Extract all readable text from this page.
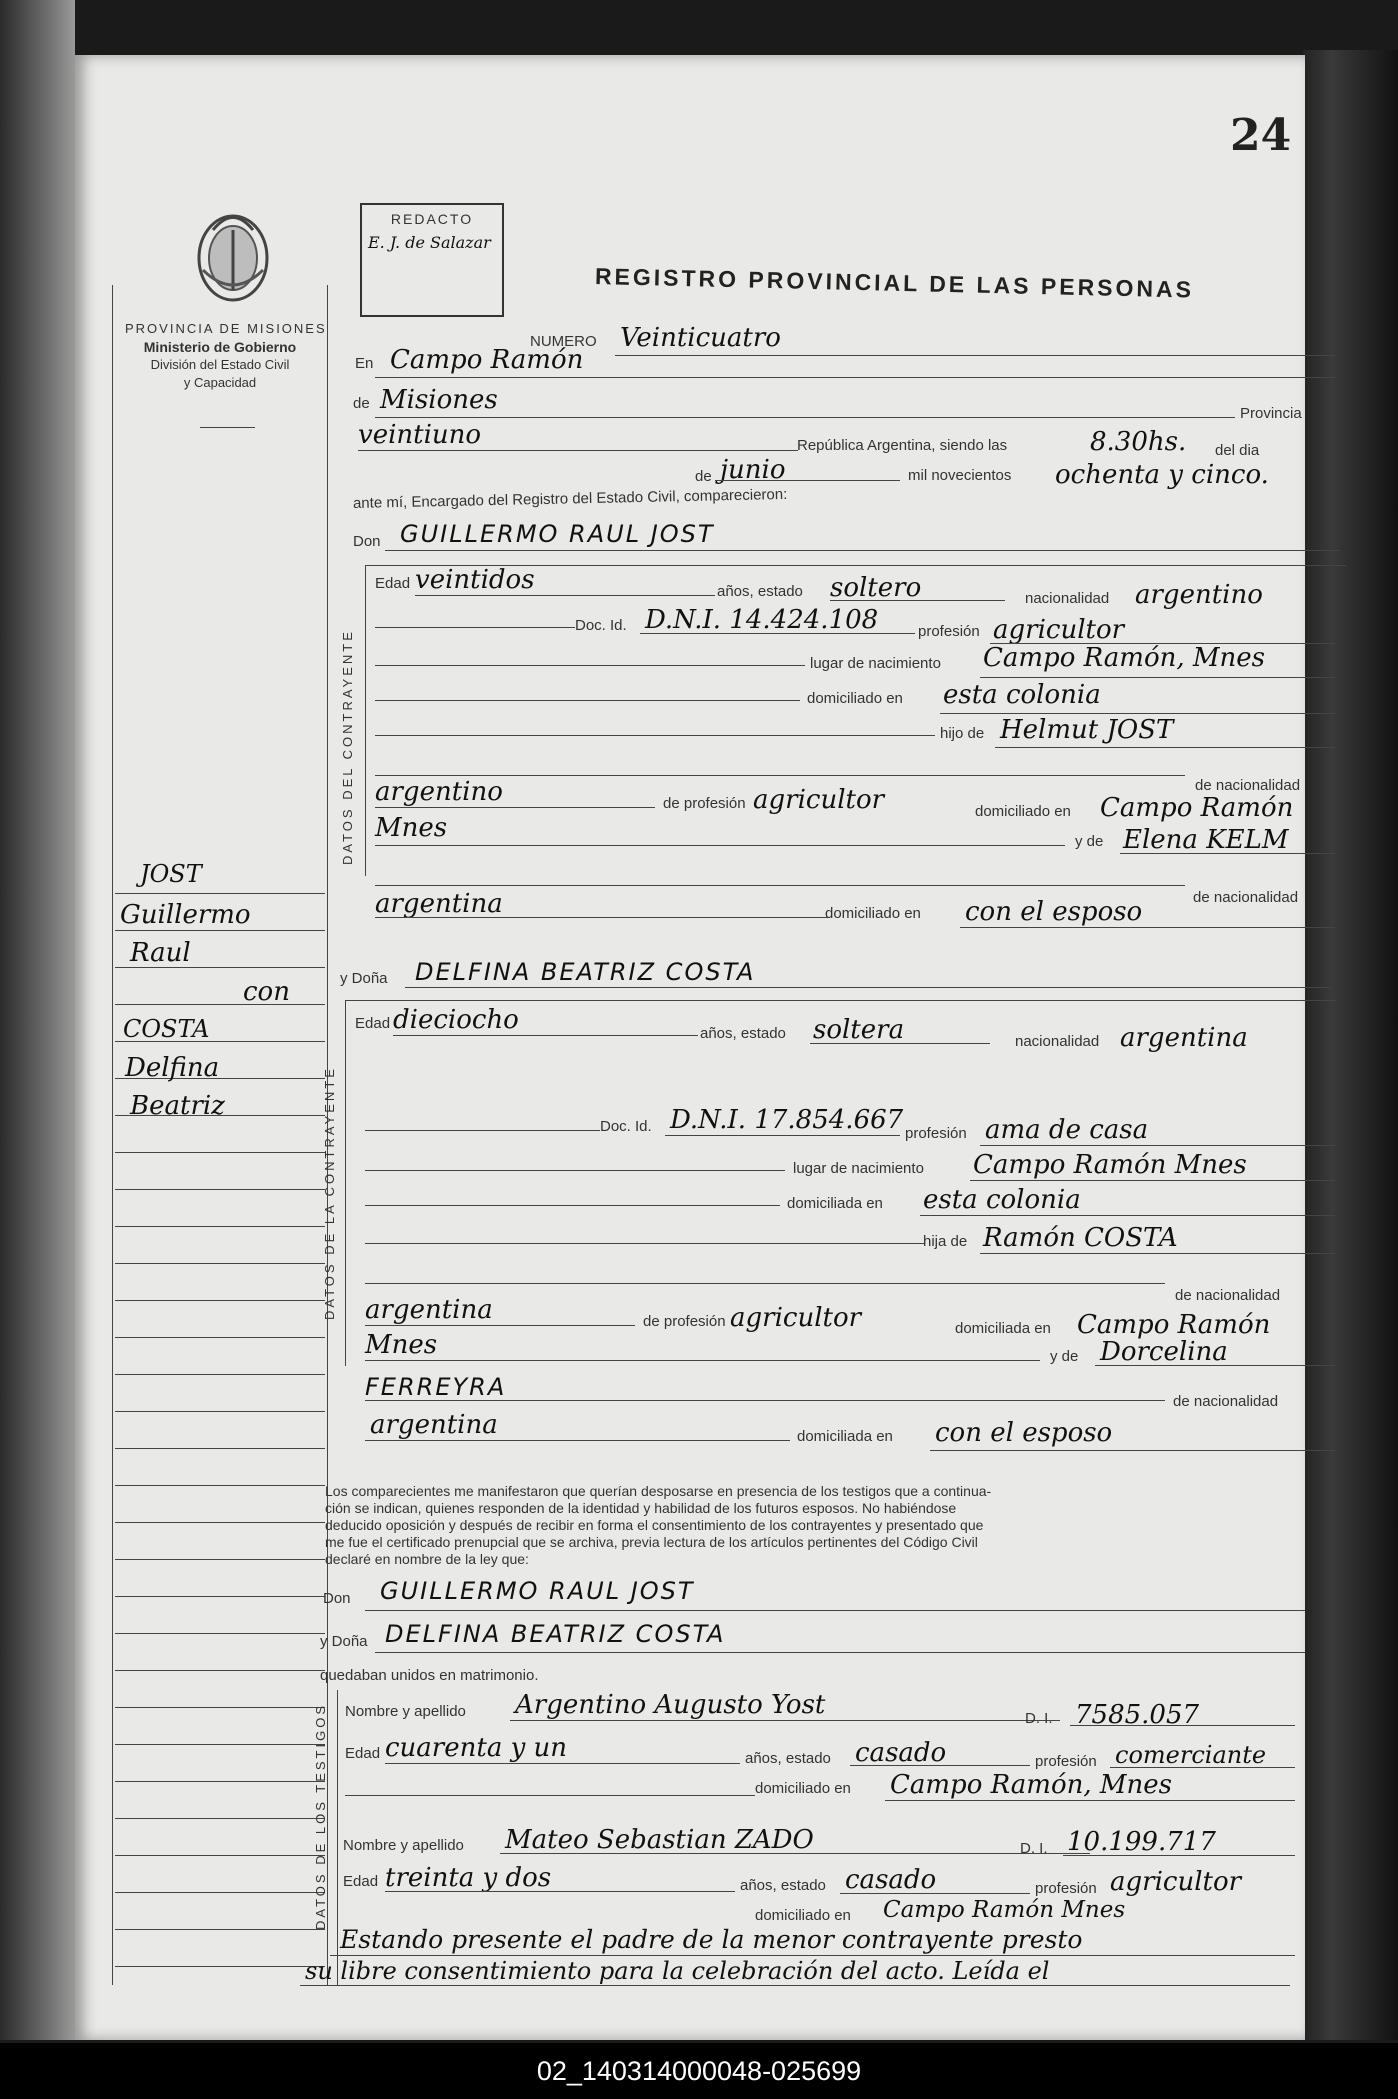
24
PROVINCIA DE MISIONES
Ministerio de Gobierno
División del Estado Civil
y Capacidad
REDACTO
E. J. de Salazar
REGISTRO PROVINCIAL DE LAS PERSONAS
JOST
Guillermo
Raul
con
COSTA
Delfina
Beatriz
NUMERO Veinticuatro
En Campo Ramón
de Misiones	Provincia
veintiuno	República Argentina, siendo las	8.30hs. del dia
de junio	mil novecientos ochenta y cinco.
ante mí, Encargado del Registro del Estado Civil, comparecieron:
Don GUILLERMO RAUL JOST
DATOS DEL CONTRAYENTE
Edad veintidos	años, estado soltero	nacionalidad argentino
Doc. Id. D.N.I. 14.424.108	profesión agricultor
lugar de nacimiento Campo Ramón, Mnes
domiciliado en esta colonia
hijo de Helmut JOST
de nacionalidad
argentino	de profesión agricultor	domiciliado en Campo Ramón
Mnes	y de Elena KELM
de nacionalidad
argentina	domiciliado en con el esposo
y Doña DELFINA BEATRIZ COSTA
DATOS DE LA CONTRAYENTE
Edad dieciocho	años, estado soltera	nacionalidad argentina
Doc. Id. D.N.I. 17.854.667 profesión ama de casa
lugar de nacimiento Campo Ramón Mnes
domiciliada en esta colonia
hija de Ramón COSTA
de nacionalidad
argentina	de profesión agricultor	domiciliada en Campo Ramón
Mnes	y de Dorcelina
FERREYRA
de nacionalidad
argentina	domiciliada en con el esposo
Los comparecientes me manifestaron que querían desposarse en presencia de los testigos que a continua-
ción se indican, quienes responden de la identidad y habilidad de los futuros esposos. No habiéndose
deducido oposición y después de recibir en forma el consentimiento de los contrayentes y presentado que
me fue el certificado prenupcial que se archiva, previa lectura de los artículos pertinentes del Código Civil
declaré en nombre de la ley que:
Don GUILLERMO RAUL JOST
y Doña DELFINA BEATRIZ COSTA
quedaban unidos en matrimonio.
DATOS DE LOS TESTIGOS Nombre y apellido Argentino Augusto Yost	D. I. 7585.057
Edad cuarenta y un	años, estado casado	profesión comerciante
domiciliado en Campo Ramón, Mnes
Nombre y apellido Mateo Sebastian ZADO	D. I. 10.199.717
Edad treinta y dos	años, estado casado	profesión agricultor
domiciliado en Campo Ramón Mnes
Estando presente el padre de la menor contrayente presto
su libre consentimiento para la celebración del acto. Leída el
02_140314000048-025699
